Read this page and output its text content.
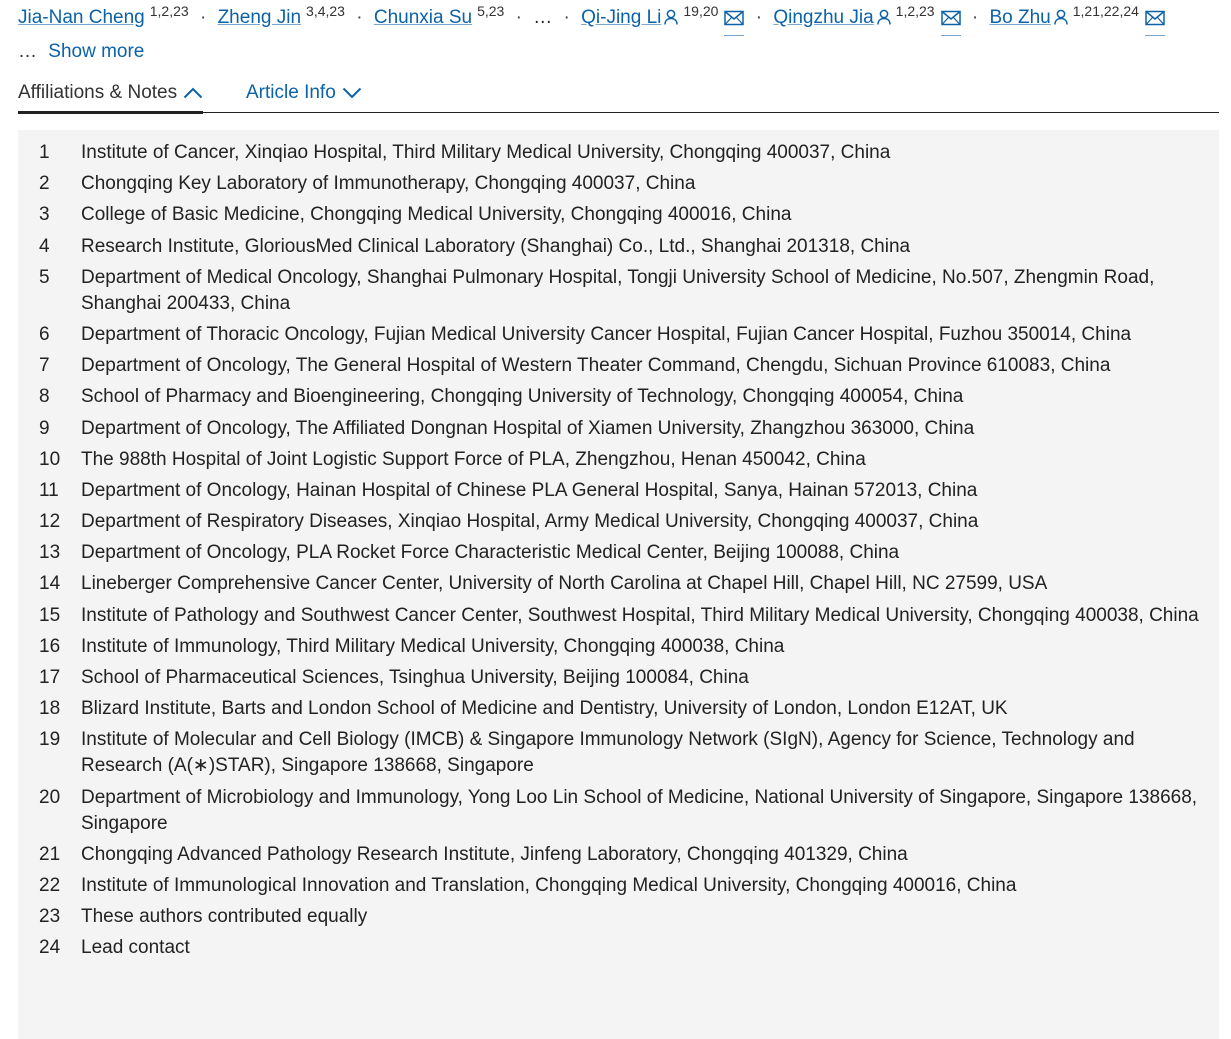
Jia-Nan Cheng $^{1,2,23}$ · Zheng Jin $^{3,4,23}$ · Chunxia Su $^{5,23}$ · … · Qi-Jing Li $^{19,20}$ · Qingzhu Jia $^{1,2,23}$ · Bo Zhu $^{1,21,22,24}$
… Show more
Affiliations & Notes	Article Info
1	Institute of Cancer, Xinqiao Hospital, Third Military Medical University, Chongqing 400037, China
2	Chongqing Key Laboratory of Immunotherapy, Chongqing 400037, China
3	College of Basic Medicine, Chongqing Medical University, Chongqing 400016, China
4	Research Institute, GloriousMed Clinical Laboratory (Shanghai) Co., Ltd., Shanghai 201318, China
5	Department of Medical Oncology, Shanghai Pulmonary Hospital, Tongji University School of Medicine, No.507, Zhengmin Road, Shanghai 200433, China
6	Department of Thoracic Oncology, Fujian Medical University Cancer Hospital, Fujian Cancer Hospital, Fuzhou 350014, China
7	Department of Oncology, The General Hospital of Western Theater Command, Chengdu, Sichuan Province 610083, China
8	School of Pharmacy and Bioengineering, Chongqing University of Technology, Chongqing 400054, China
9	Department of Oncology, The Affiliated Dongnan Hospital of Xiamen University, Zhangzhou 363000, China
10	The 988th Hospital of Joint Logistic Support Force of PLA, Zhengzhou, Henan 450042, China
11	Department of Oncology, Hainan Hospital of Chinese PLA General Hospital, Sanya, Hainan 572013, China
12	Department of Respiratory Diseases, Xinqiao Hospital, Army Medical University, Chongqing 400037, China
13	Department of Oncology, PLA Rocket Force Characteristic Medical Center, Beijing 100088, China
14	Lineberger Comprehensive Cancer Center, University of North Carolina at Chapel Hill, Chapel Hill, NC 27599, USA
15	Institute of Pathology and Southwest Cancer Center, Southwest Hospital, Third Military Medical University, Chongqing 400038, China
16	Institute of Immunology, Third Military Medical University, Chongqing 400038, China
17	School of Pharmaceutical Sciences, Tsinghua University, Beijing 100084, China
18	Blizard Institute, Barts and London School of Medicine and Dentistry, University of London, London E12AT, UK
19	Institute of Molecular and Cell Biology (IMCB) & Singapore Immunology Network (SIgN), Agency for Science, Technology and Research (A(∗)STAR), Singapore 138668, Singapore
20	Department of Microbiology and Immunology, Yong Loo Lin School of Medicine, National University of Singapore, Singapore 138668, Singapore
21	Chongqing Advanced Pathology Research Institute, Jinfeng Laboratory, Chongqing 401329, China
22	Institute of Immunological Innovation and Translation, Chongqing Medical University, Chongqing 400016, China
23	These authors contributed equally
24	Lead contact
